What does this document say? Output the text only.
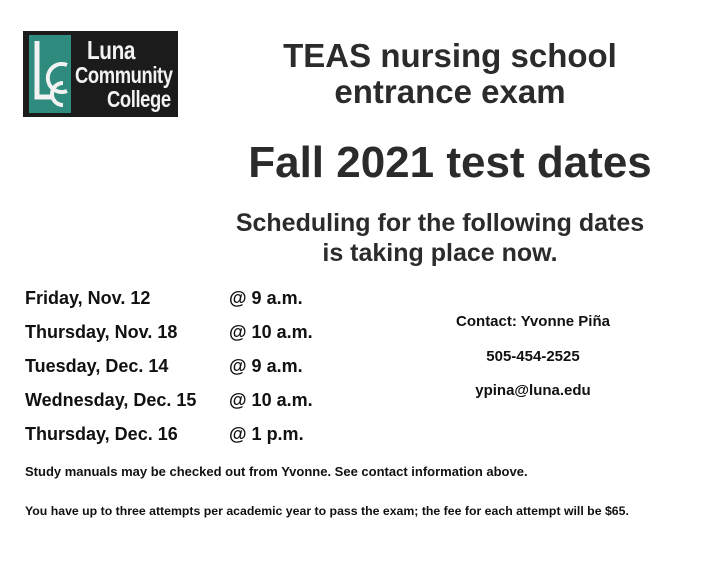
Luna
Community
College
TEAS nursing school
entrance exam
Fall 2021 test dates
Scheduling for the following dates
is taking place now.
Friday, Nov. 12	@ 9 a.m.
Thursday, Nov. 18	@ 10 a.m.
Tuesday, Dec. 14	@ 9 a.m.
Wednesday, Dec. 15 @ 10 a.m.
Thursday, Dec. 16	@ 1 p.m.
Contact: Yvonne Piña
505-454-2525
ypina@luna.edu
Study manuals may be checked out from Yvonne. See contact information above.
You have up to three attempts per academic year to pass the exam; the fee for each attempt will be $65.
